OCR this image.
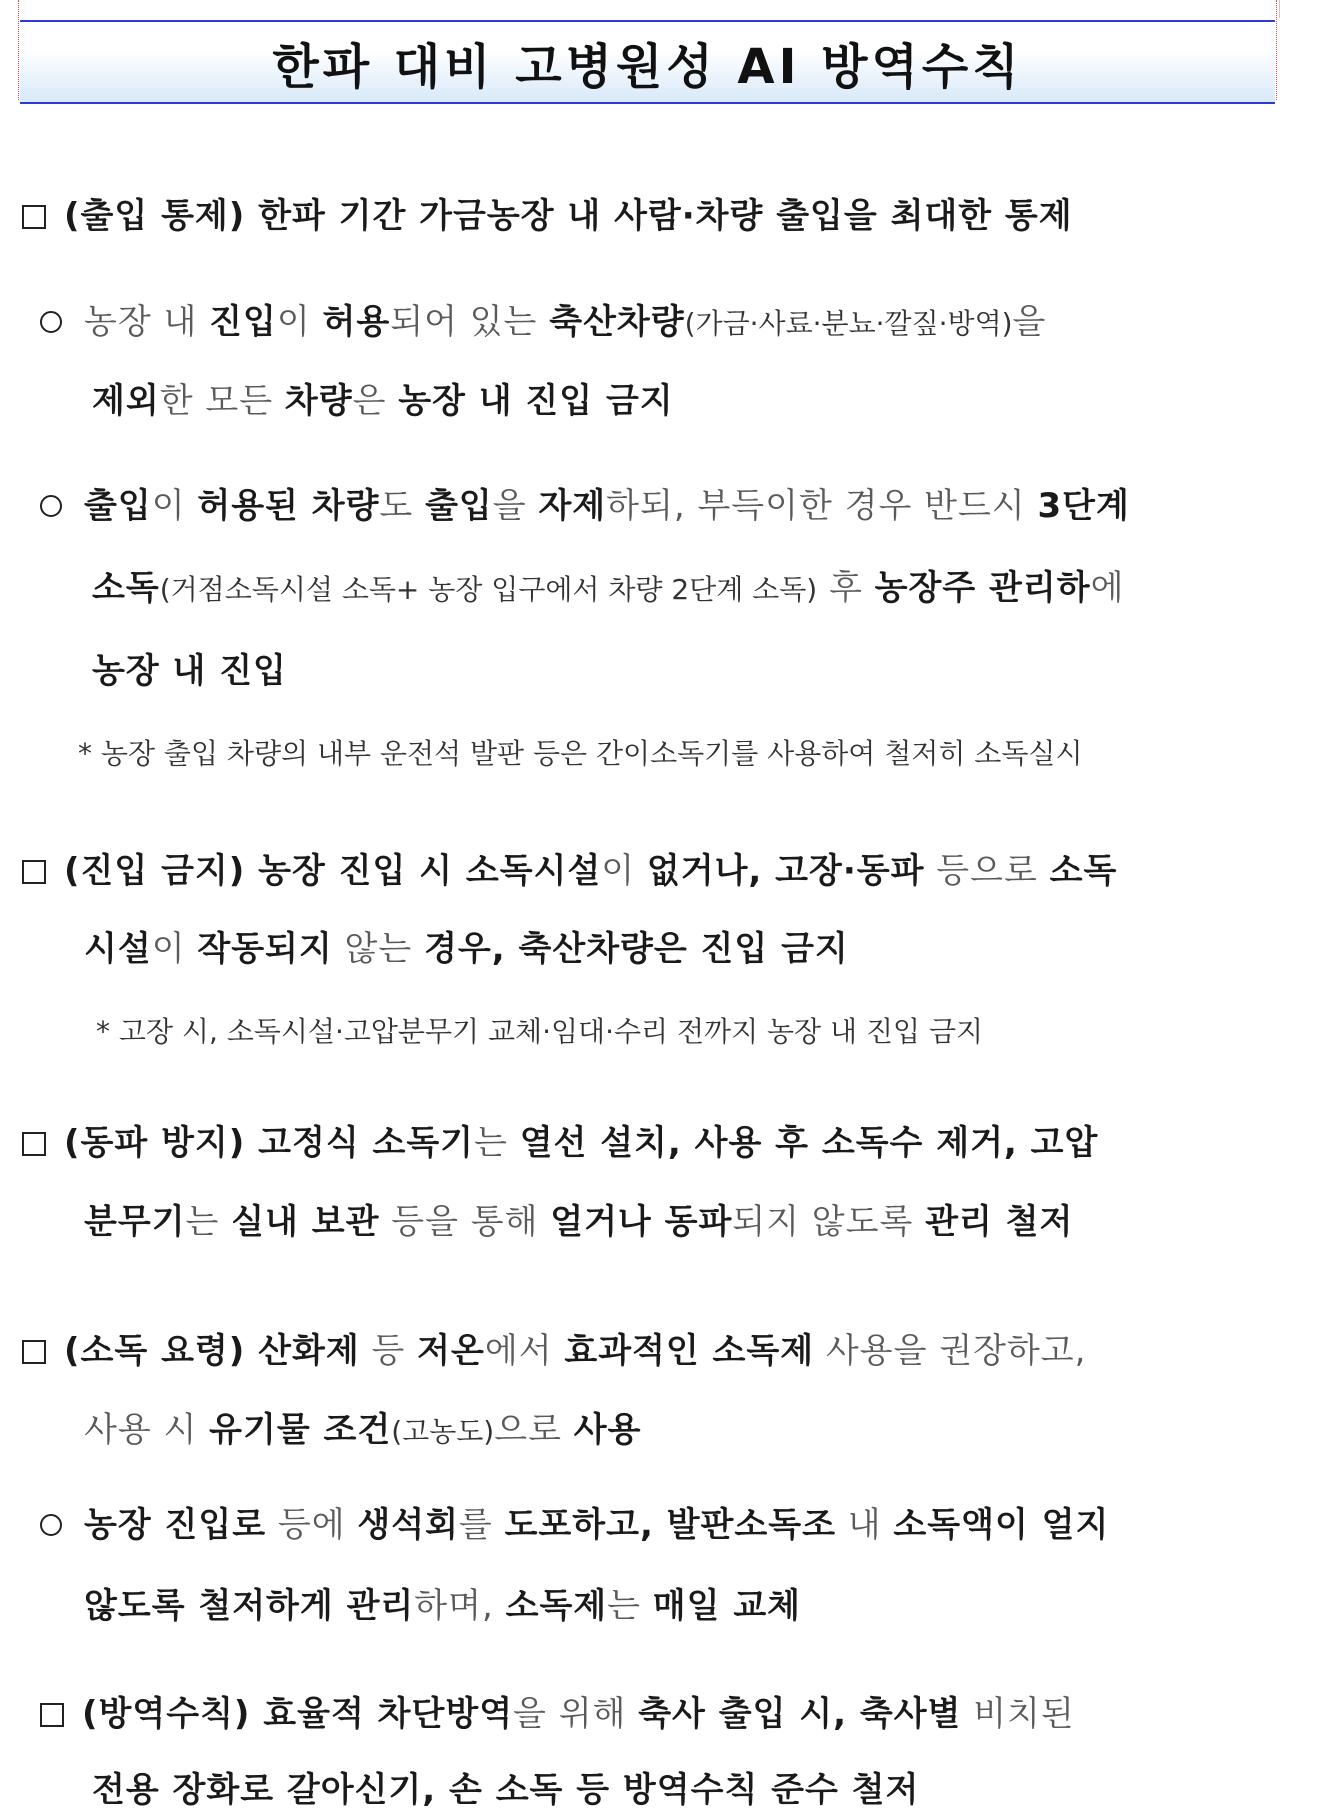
한파 대비 고병원성 AI 방역수칙
(출입 통제) 한파 기간 가금농장 내 사람·차량 출입을 최대한 통제
농장 내 진입이 허용되어 있는 축산차량(가금·사료·분뇨·깔짚·방역)을
제외한 모든 차량은 농장 내 진입 금지
출입이 허용된 차량도 출입을 자제하되, 부득이한 경우 반드시 3단계
소독(거점소독시설 소독+ 농장 입구에서 차량 2단계 소독) 후 농장주 관리하에
농장 내 진입
* 농장 출입 차량의 내부 운전석 발판 등은 간이소독기를 사용하여 철저히 소독실시
(진입 금지) 농장 진입 시 소독시설이 없거나, 고장·동파 등으로 소독
시설이 작동되지 않는 경우, 축산차량은 진입 금지
* 고장 시, 소독시설·고압분무기 교체·임대·수리 전까지 농장 내 진입 금지
(동파 방지) 고정식 소독기는 열선 설치, 사용 후 소독수 제거, 고압
분무기는 실내 보관 등을 통해 얼거나 동파되지 않도록 관리 철저
(소독 요령) 산화제 등 저온에서 효과적인 소독제 사용을 권장하고,
사용 시 유기물 조건(고농도)으로 사용
농장 진입로 등에 생석회를 도포하고, 발판소독조 내 소독액이 얼지
않도록 철저하게 관리하며, 소독제는 매일 교체
(방역수칙) 효율적 차단방역을 위해 축사 출입 시, 축사별 비치된
전용 장화로 갈아신기, 손 소독 등 방역수칙 준수 철저
